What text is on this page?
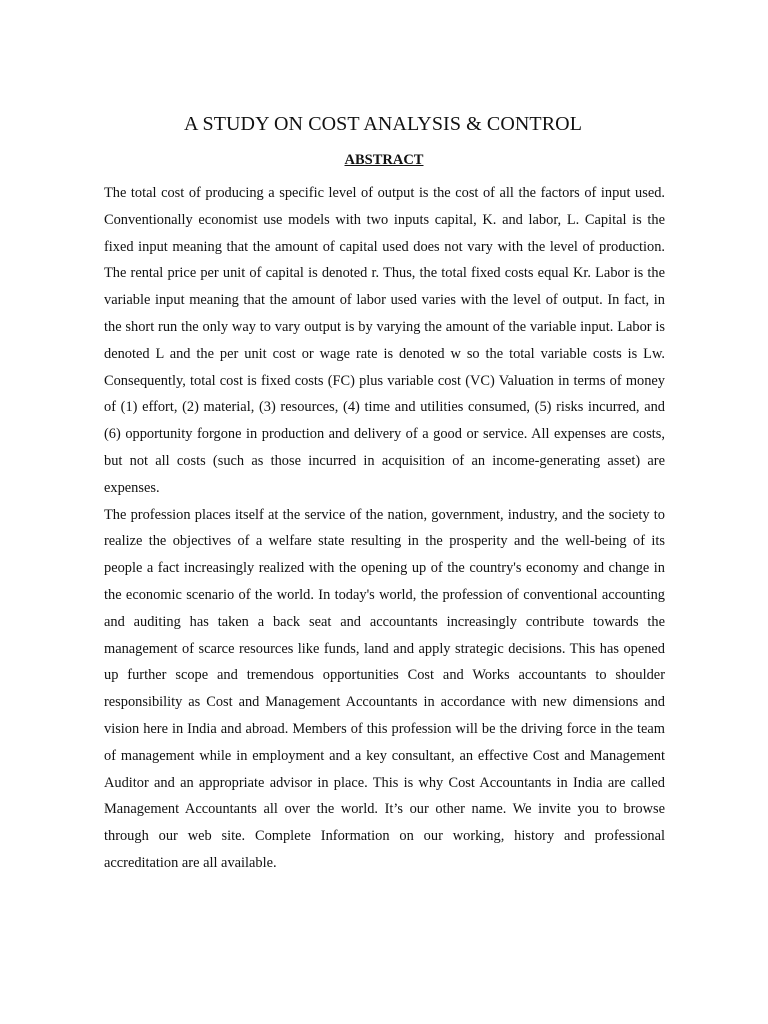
A STUDY ON COST ANALYSIS & CONTROL
ABSTRACT

The total cost of producing a specific level of output is the cost of all the factors of input used. Conventionally economist use models with two inputs capital, K. and labor, L. Capital is the fixed input meaning that the amount of capital used does not vary with the level of production. The rental price per unit of capital is denoted r. Thus, the total fixed costs equal Kr. Labor is the variable input meaning that the amount of labor used varies with the level of output. In fact, in the short run the only way to vary output is by varying the amount of the variable input. Labor is denoted L and the per unit cost or wage rate is denoted w so the total variable costs is Lw. Consequently, total cost is fixed costs (FC) plus variable cost (VC) Valuation in terms of money of (1) effort, (2) material, (3) resources, (4) time and utilities consumed, (5) risks incurred, and (6) opportunity forgone in production and delivery of a good or service. All expenses are costs, but not all costs (such as those incurred in acquisition of an income-generating asset) are expenses.

The profession places itself at the service of the nation, government, industry, and the society to realize the objectives of a welfare state resulting in the prosperity and the well-being of its people a fact increasingly realized with the opening up of the country's economy and change in the economic scenario of the world. In today's world, the profession of conventional accounting and auditing has taken a back seat and accountants increasingly contribute towards the management of scarce resources like funds, land and apply strategic decisions. This has opened up further scope and tremendous opportunities Cost and Works accountants to shoulder responsibility as Cost and Management Accountants in accordance with new dimensions and vision here in India and abroad. Members of this profession will be the driving force in the team of management while in employment and a key consultant, an effective Cost and Management Auditor and an appropriate advisor in place. This is why Cost Accountants in India are called Management Accountants all over the world. It’s our other name. We invite you to browse through our web site. Complete Information on our working, history and professional accreditation are all available.
